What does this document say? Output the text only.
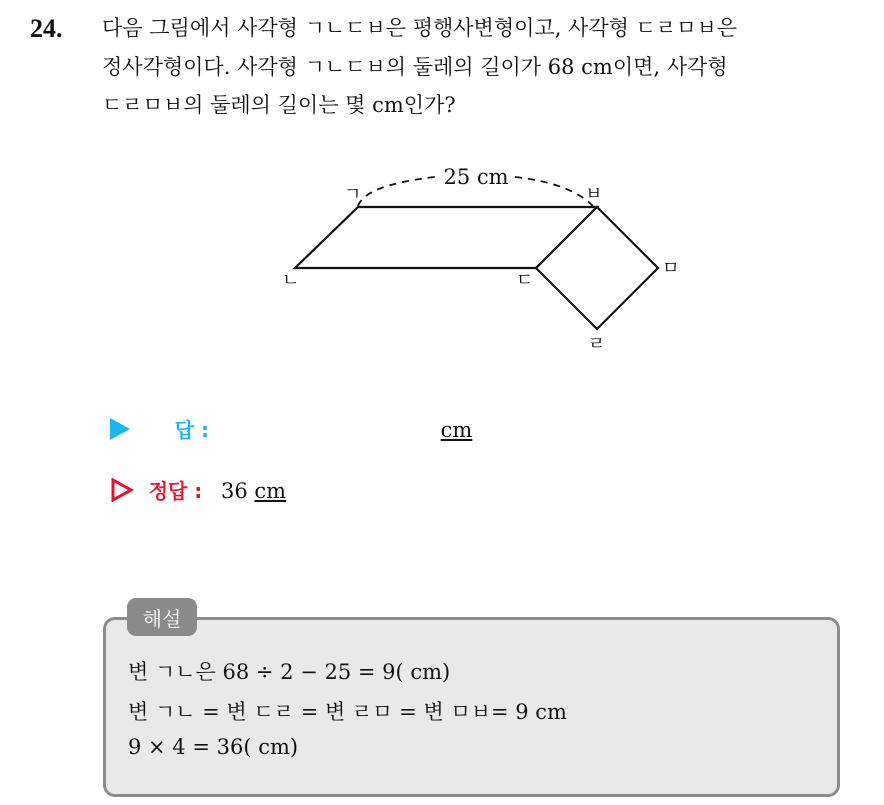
24. 다음 그림에서 사각형 ㄱㄴㄷㅂ은 평행사변형이고, 사각형 ㄷㄹㅁㅂ은
정사각형이다. 사각형 ㄱㄴㄷㅂ의 둘레의 길이가 68 cm이면, 사각형
ㄷㄹㅁㅂ의 둘레의 길이는 몇 cm인가?
25 cm
ㄱ
ㄴ	ㄷ
ㅂ
ㅁ
ㄹ
답 :	cm
정답 : 36 cm
해설
변 ㄱㄴ은 68 ÷ 2 − 25 = 9( cm)
변 ㄱㄴ = 변 ㄷㄹ = 변 ㄹㅁ = 변 ㅁㅂ= 9 cm
9 × 4 = 36( cm)
